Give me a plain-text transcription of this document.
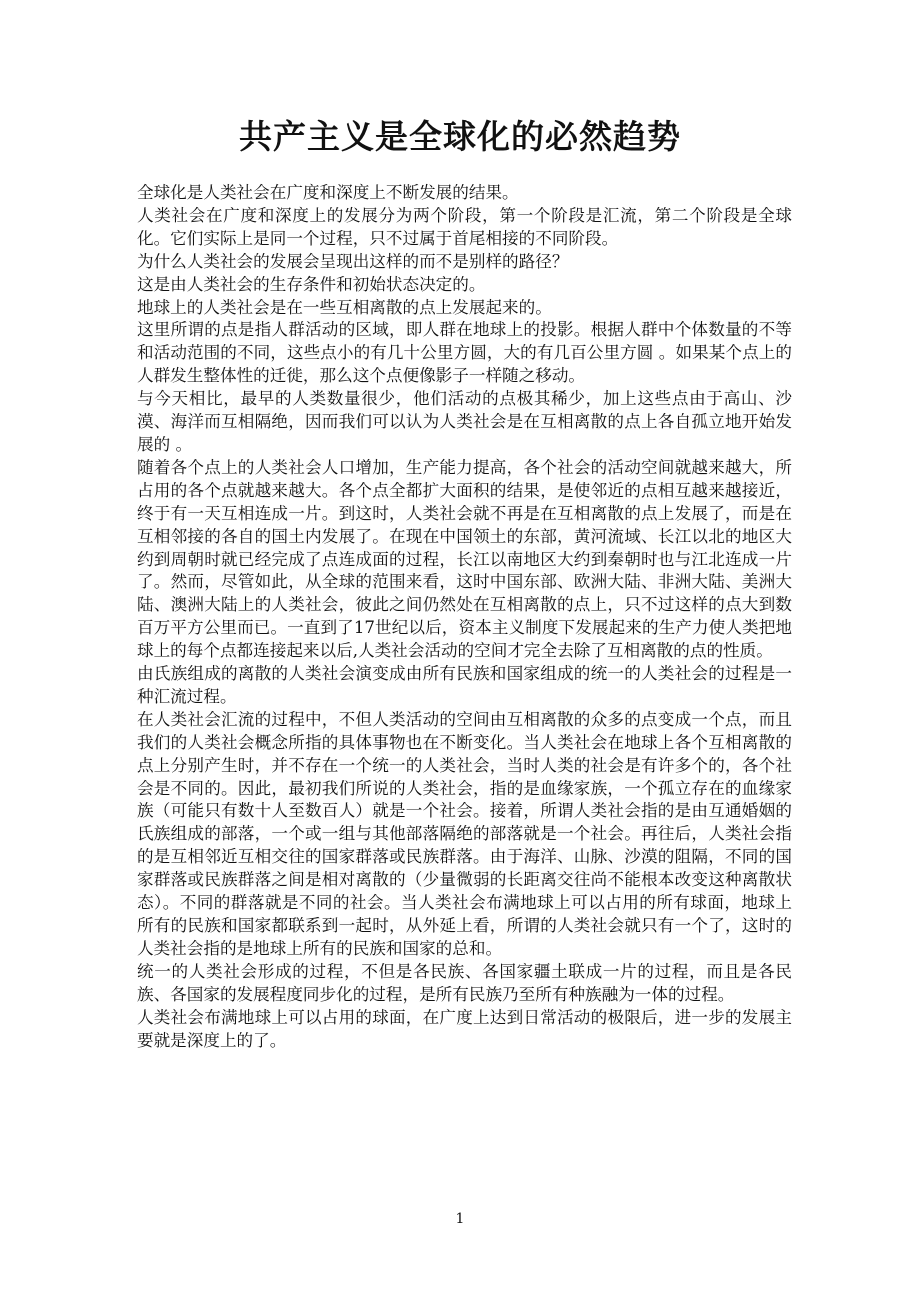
共产主义是全球化的必然趋势

全球化是人类社会在广度和深度上不断发展的结果。

人类社会在广度和深度上的发展分为两个阶段，第一个阶段是汇流，第二个阶段是全球化。它们实际上是同一个过程，只不过属于首尾相接的不同阶段。

为什么人类社会的发展会呈现出这样的而不是别样的路径？

这是由人类社会的生存条件和初始状态决定的。

地球上的人类社会是在一些互相离散的点上发展起来的。

这里所谓的点是指人群活动的区域，即人群在地球上的投影。根据人群中个体数量的不等和活动范围的不同，这些点小的有几十公里方圆，大的有几百公里方圆 。如果某个点上的人群发生整体性的迁徙，那么这个点便像影子一样随之移动。

与今天相比，最早的人类数量很少，他们活动的点极其稀少，加上这些点由于高山、沙漠、海洋而互相隔绝，因而我们可以认为人类社会是在互相离散的点上各自孤立地开始发展的 。

随着各个点上的人类社会人口增加，生产能力提高，各个社会的活动空间就越来越大，所占用的各个点就越来越大。各个点全都扩大面积的结果，是使邻近的点相互越来越接近，终于有一天互相连成一片。到这时，人类社会就不再是在互相离散的点上发展了，而是在互相邻接的各自的国土内发展了。在现在中国领土的东部，黄河流域、长江以北的地区大约到周朝时就已经完成了点连成面的过程，长江以南地区大约到秦朝时也与江北连成一片了。然而，尽管如此，从全球的范围来看，这时中国东部、欧洲大陆、非洲大陆、美洲大陆、澳洲大陆上的人类社会，彼此之间仍然处在互相离散的点上，只不过这样的点大到数百万平方公里而已。一直到了17世纪以后，资本主义制度下发展起来的生产力使人类把地球上的每个点都连接起来以后,人类社会活动的空间才完全去除了互相离散的点的性质。

由氏族组成的离散的人类社会演变成由所有民族和国家组成的统一的人类社会的过程是一种汇流过程。

在人类社会汇流的过程中，不但人类活动的空间由互相离散的众多的点变成一个点，而且我们的人类社会概念所指的具体事物也在不断变化。当人类社会在地球上各个互相离散的点上分别产生时，并不存在一个统一的人类社会，当时人类的社会是有许多个的，各个社会是不同的。因此，最初我们所说的人类社会，指的是血缘家族，一个孤立存在的血缘家族（可能只有数十人至数百人）就是一个社会。接着，所谓人类社会指的是由互通婚姻的氏族组成的部落，一个或一组与其他部落隔绝的部落就是一个社会。再往后，人类社会指的是互相邻近互相交往的国家群落或民族群落。由于海洋、山脉、沙漠的阻隔，不同的国家群落或民族群落之间是相对离散的（少量微弱的长距离交往尚不能根本改变这种离散状态）。不同的群落就是不同的社会。当人类社会布满地球上可以占用的所有球面，地球上所有的民族和国家都联系到一起时，从外延上看，所谓的人类社会就只有一个了，这时的人类社会指的是地球上所有的民族和国家的总和。

统一的人类社会形成的过程，不但是各民族、各国家疆土联成一片的过程，而且是各民族、各国家的发展程度同步化的过程，是所有民族乃至所有种族融为一体的过程。

人类社会布满地球上可以占用的球面，在广度上达到日常活动的极限后，进一步的发展主要就是深度上的了。

1
